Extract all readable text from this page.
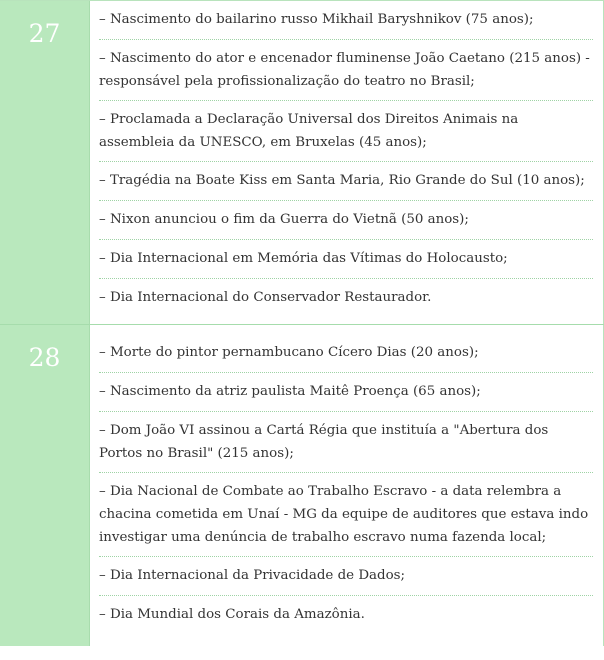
27	– Nascimento do bailarino russo Mikhail Baryshnikov (75 anos);
– Nascimento do ator e encenador fluminense João Caetano (215 anos) - responsável pela profissionalização do teatro no Brasil;
– Proclamada a Declaração Universal dos Direitos Animais na assembleia da UNESCO, em Bruxelas (45 anos);
– Tragédia na Boate Kiss em Santa Maria, Rio Grande do Sul (10 anos);
– Nixon anunciou o fim da Guerra do Vietnã (50 anos);
– Dia Internacional em Memória das Vítimas do Holocausto;
– Dia Internacional do Conservador Restaurador.
28	– Morte do pintor pernambucano Cícero Dias (20 anos);
– Nascimento da atriz paulista Maitê Proença (65 anos);
– Dom João VI assinou a Cartá Régia que instituía a "Abertura dos Portos no Brasil" (215 anos);
– Dia Nacional de Combate ao Trabalho Escravo - a data relembra a chacina cometida em Unaí - MG da equipe de auditores que estava indo investigar uma denúncia de trabalho escravo numa fazenda local;
– Dia Internacional da Privacidade de Dados;
– Dia Mundial dos Corais da Amazônia.
